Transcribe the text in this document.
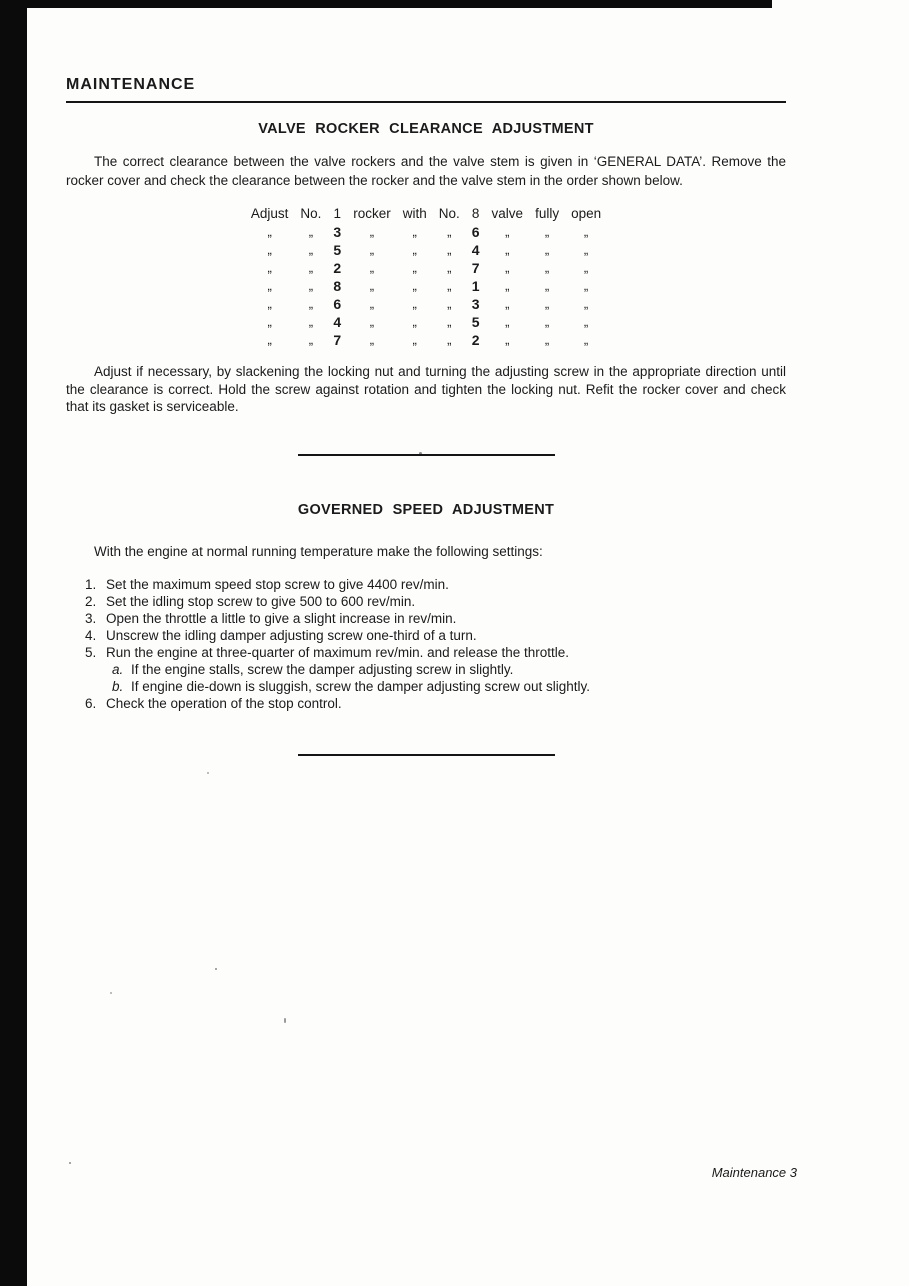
MAINTENANCE
VALVE ROCKER CLEARANCE ADJUSTMENT

The correct clearance between the valve rockers and the valve stem is given in ‘GENERAL DATA’. Remove the rocker cover and check the clearance between the rocker and the valve stem in the order shown below.

Adjust	No.	1	rocker	with	No.	8	valve	fully	open
„	„	3	„	„	„	6	„	„	„
„	„	5	„	„	„	4	„	„	„
„	„	2	„	„	„	7	„	„	„
„	„	8	„	„	„	1	„	„	„
„	„	6	„	„	„	3	„	„	„
„	„	4	„	„	„	5	„	„	„
„	„	7	„	„	„	2	„	„	„

Adjust if necessary, by slackening the locking nut and turning the adjusting screw in the appropriate direction until the clearance is correct. Hold the screw against rotation and tighten the locking nut. Refit the rocker cover and check that its gasket is serviceable.

GOVERNED SPEED ADJUSTMENT

With the engine at normal running temperature make the following settings:

1. Set the maximum speed stop screw to give 4400 rev/min.
2. Set the idling stop screw to give 500 to 600 rev/min.
3. Open the throttle a little to give a slight increase in rev/min.
4. Unscrew the idling damper adjusting screw one-third of a turn.
5. Run the engine at three-quarter of maximum rev/min. and release the throttle.
a. If the engine stalls, screw the damper adjusting screw in slightly.
b. If engine die-down is sluggish, screw the damper adjusting screw out slightly.
6. Check the operation of the stop control.
Maintenance 3
